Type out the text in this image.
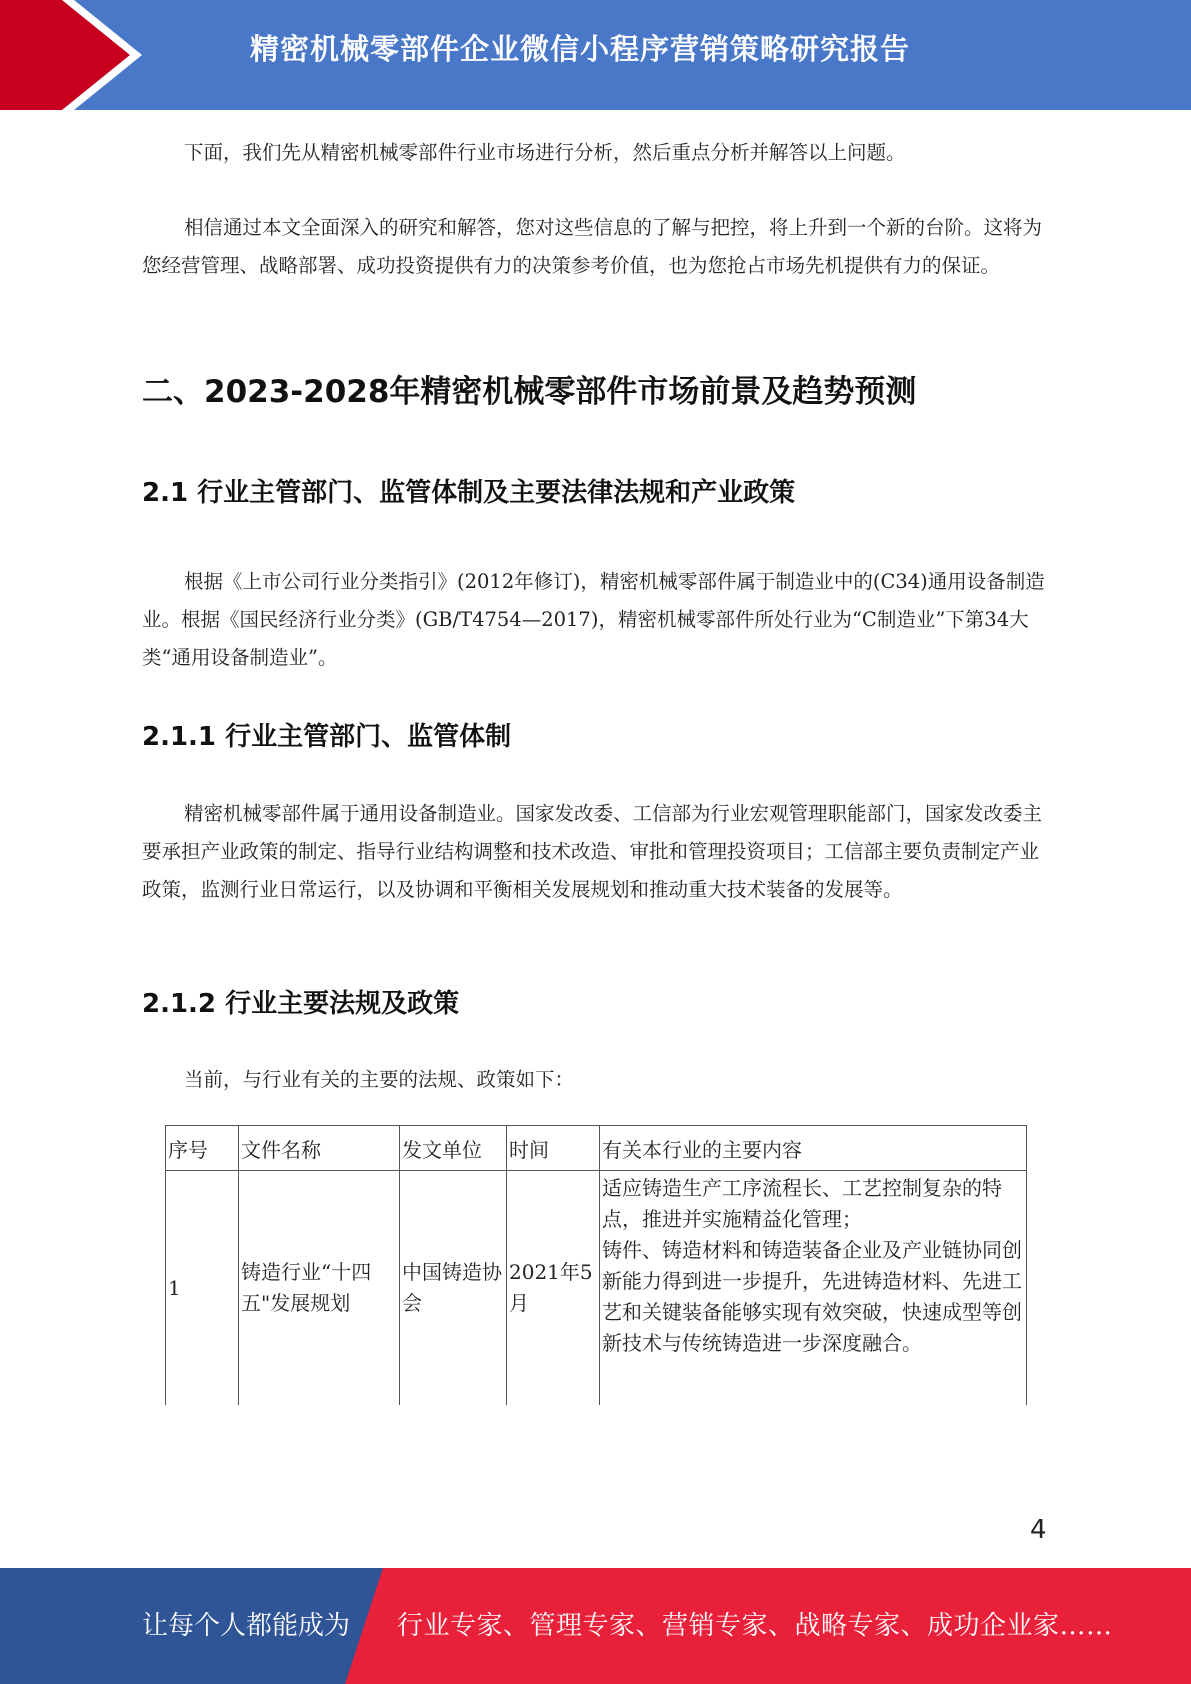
精密机械零部件企业微信小程序营销策略研究报告
下面，我们先从精密机械零部件行业市场进行分析，然后重点分析并解答以上问题。
相信通过本文全面深入的研究和解答，您对这些信息的了解与把控，将上升到一个新的台阶。这将为您经营管理、战略部署、成功投资提供有力的决策参考价值，也为您抢占市场先机提供有力的保证。
二、2023-2028年精密机械零部件市场前景及趋势预测
2.1 行业主管部门、监管体制及主要法律法规和产业政策
根据《上市公司行业分类指引》(2012年修订)，精密机械零部件属于制造业中的(C34)通用设备制造业。根据《国民经济行业分类》(GB/T4754—2017)，精密机械零部件所处行业为“C制造业”下第34大类“通用设备制造业”。
2.1.1 行业主管部门、监管体制
精密机械零部件属于通用设备制造业。国家发改委、工信部为行业宏观管理职能部门，国家发改委主要承担产业政策的制定、指导行业结构调整和技术改造、审批和管理投资项目；工信部主要负责制定产业政策，监测行业日常运行，以及协调和平衡相关发展规划和推动重大技术装备的发展等。
2.1.2 行业主要法规及政策
当前，与行业有关的主要的法规、政策如下：
序号	文件名称	发文单位	时间	有关本行业的主要内容
1	铸造行业“十四五"发展规划	中国铸造协会	2021年5月	适应铸造生产工序流程长、工艺控制复杂的特点，推进并实施精益化管理；
铸件、铸造材料和铸造装备企业及产业链协同创新能力得到进一步提升，先进铸造材料、先进工艺和关键装备能够实现有效突破，快速成型等创新技术与传统铸造进一步深度融合。
4
让每个人都能成为 行业专家、管理专家、营销专家、战略专家、成功企业家……
